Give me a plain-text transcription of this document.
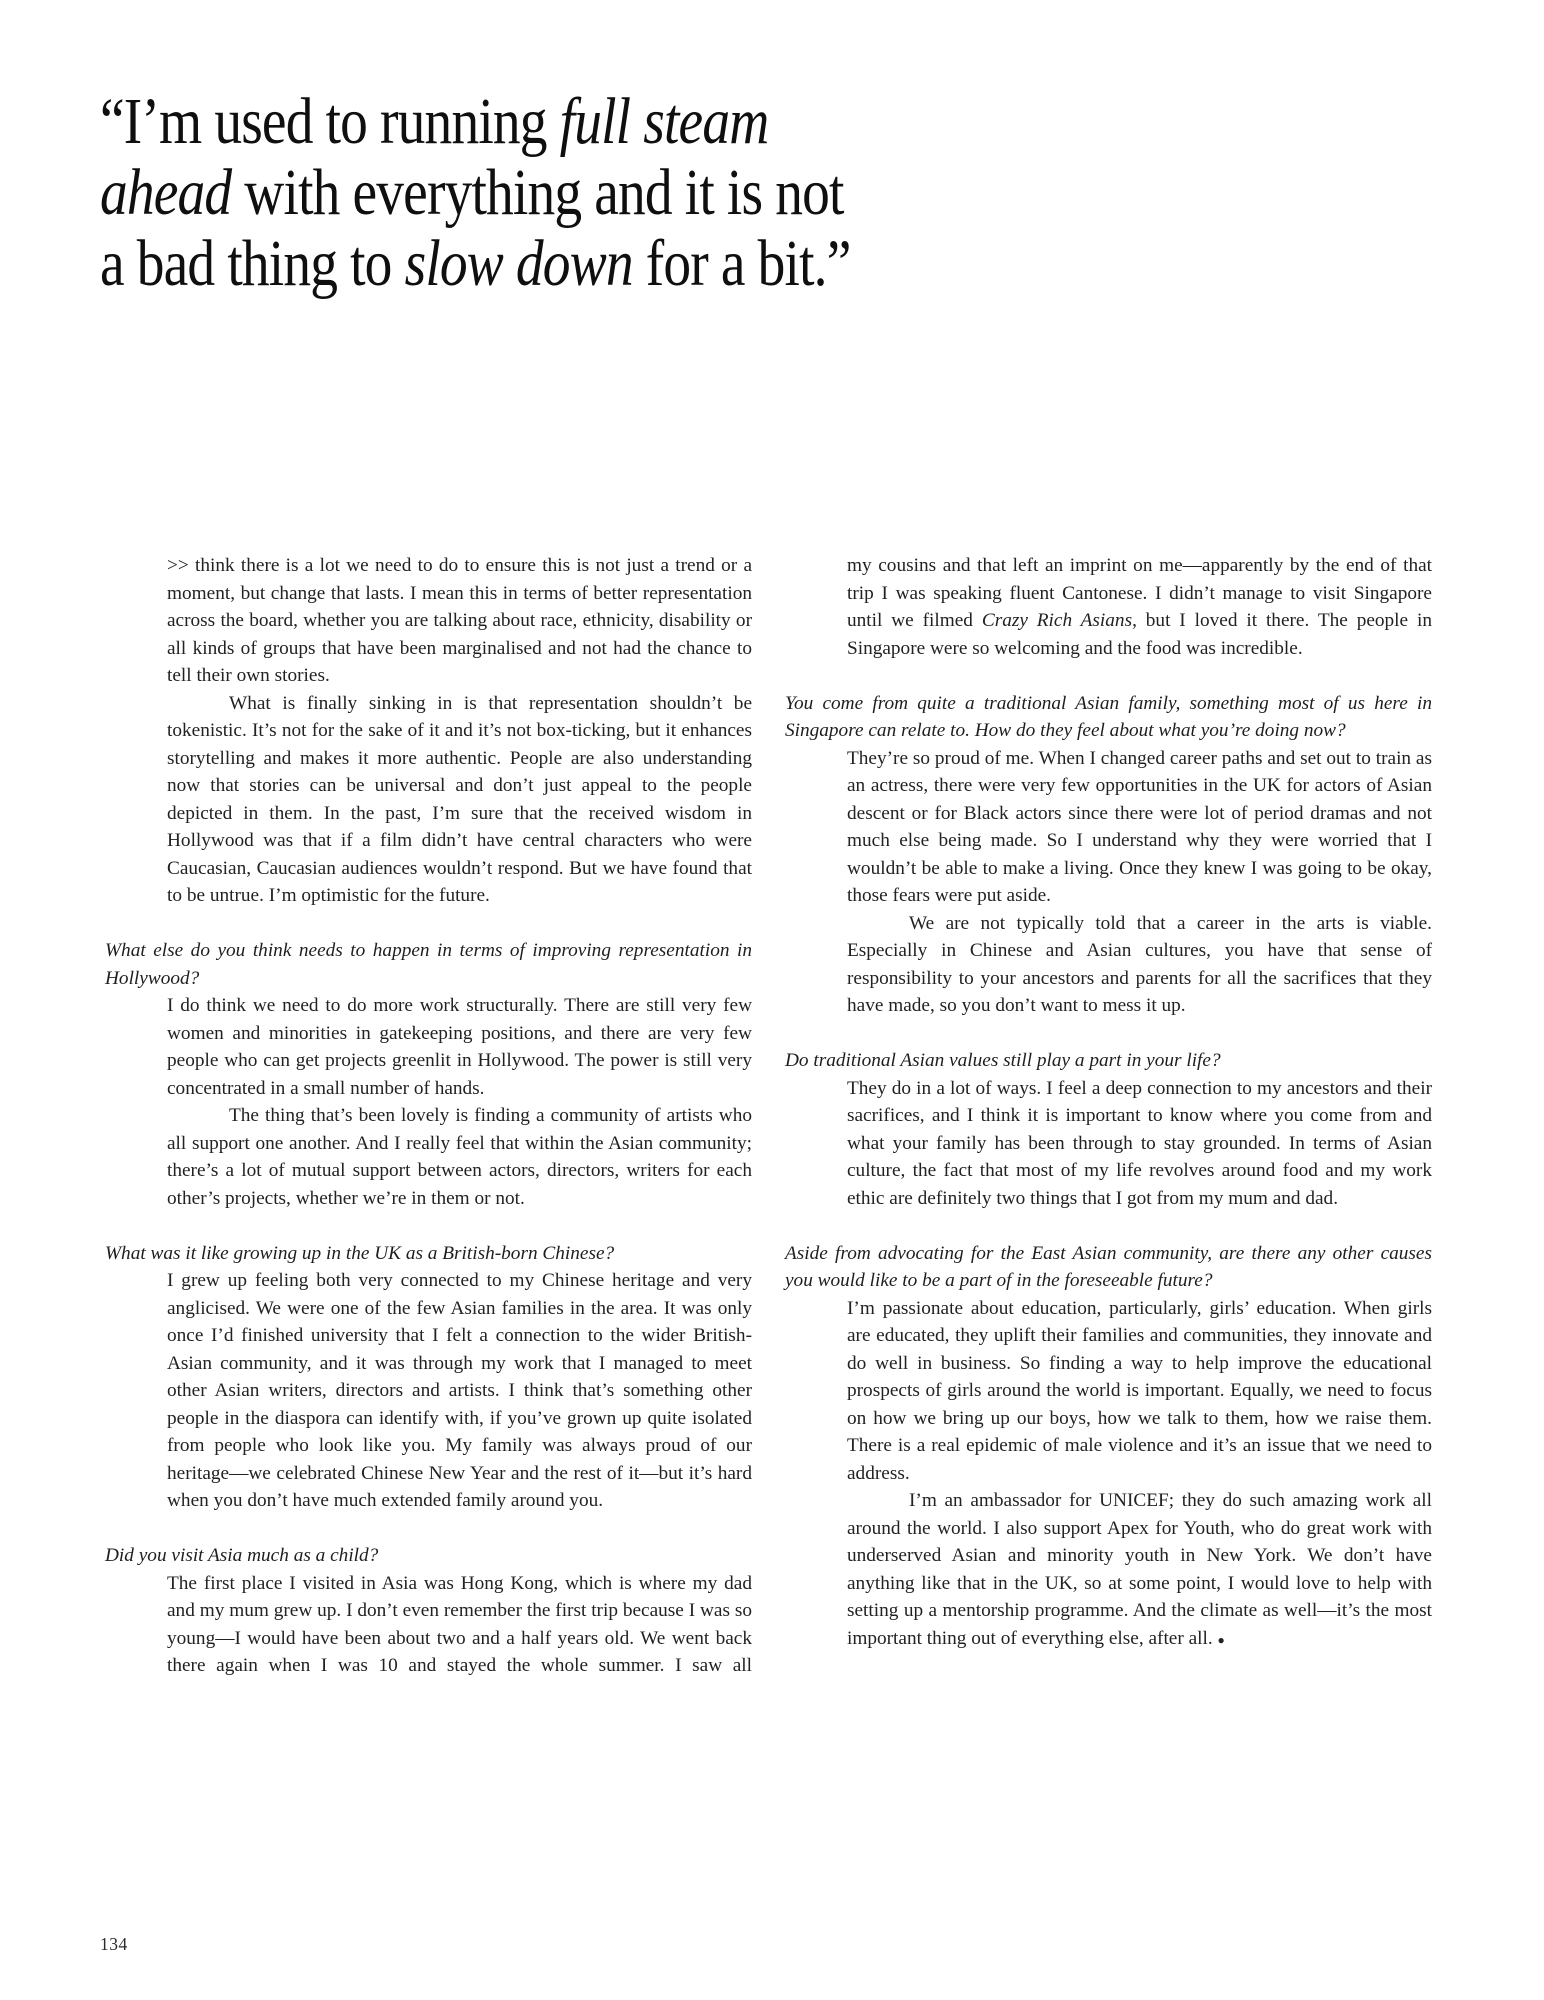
“I’m used to running full steam
ahead with everything and it is not
a bad thing to slow down for a bit.”

>> think there is a lot we need to do to ensure this is not just a trend or a moment, but change that lasts. I mean this in terms of better representation across the board, whether you are talking about race, ethnicity, disability or all kinds of groups that have been marginalised and not had the chance to tell their own stories.

What is finally sinking in is that representation shouldn’t be tokenistic. It’s not for the sake of it and it’s not box-ticking, but it enhances storytelling and makes it more authentic. People are also understanding now that stories can be universal and don’t just appeal to the people depicted in them. In the past, I’m sure that the received wisdom in Hollywood was that if a film didn’t have central characters who were Caucasian, Caucasian audiences wouldn’t respond. But we have found that to be untrue. I’m optimistic for the future.

What else do you think needs to happen in terms of improving representation in Hollywood?

I do think we need to do more work structurally. There are still very few women and minorities in gatekeeping positions, and there are very few people who can get projects greenlit in Hollywood. The power is still very concentrated in a small number of hands.

The thing that’s been lovely is finding a community of artists who all support one another. And I really feel that within the Asian community; there’s a lot of mutual support between actors, directors, writers for each other’s projects, whether we’re in them or not.

What was it like growing up in the UK as a British-born Chinese?

I grew up feeling both very connected to my Chinese heritage and very anglicised. We were one of the few Asian families in the area. It was only once I’d finished university that I felt a connection to the wider British-Asian community, and it was through my work that I managed to meet other Asian writers, directors and artists. I think that’s something other people in the diaspora can identify with, if you’ve grown up quite isolated from people who look like you. My family was always proud of our heritage—we celebrated Chinese New Year and the rest of it—but it’s hard when you don’t have much extended family around you.

Did you visit Asia much as a child?

The first place I visited in Asia was Hong Kong, which is where my dad and my mum grew up. I don’t even remember the first trip because I was so young—I would have been about two and a half years old. We went back there again when I was 10 and stayed the whole summer. I saw all

my cousins and that left an imprint on me—apparently by the end of that trip I was speaking fluent Cantonese. I didn’t manage to visit Singapore until we filmed Crazy Rich Asians, but I loved it there. The people in Singapore were so welcoming and the food was incredible.

You come from quite a traditional Asian family, something most of us here in Singapore can relate to. How do they feel about what you’re doing now?

They’re so proud of me. When I changed career paths and set out to train as an actress, there were very few opportunities in the UK for actors of Asian descent or for Black actors since there were lot of period dramas and not much else being made. So I understand why they were worried that I wouldn’t be able to make a living. Once they knew I was going to be okay, those fears were put aside.

We are not typically told that a career in the arts is viable. Especially in Chinese and Asian cultures, you have that sense of responsibility to your ancestors and parents for all the sacrifices that they have made, so you don’t want to mess it up.

Do traditional Asian values still play a part in your life?

They do in a lot of ways. I feel a deep connection to my ancestors and their sacrifices, and I think it is important to know where you come from and what your family has been through to stay grounded. In terms of Asian culture, the fact that most of my life revolves around food and my work ethic are definitely two things that I got from my mum and dad.

Aside from advocating for the East Asian community, are there any other causes you would like to be a part of in the foreseeable future?

I’m passionate about education, particularly, girls’ education. When girls are educated, they uplift their families and communities, they innovate and do well in business. So finding a way to help improve the educational prospects of girls around the world is important. Equally, we need to focus on how we bring up our boys, how we talk to them, how we raise them. There is a real epidemic of male violence and it’s an issue that we need to address.

I’m an ambassador for UNICEF; they do such amazing work all around the world. I also support Apex for Youth, who do great work with underserved Asian and minority youth in New York. We don’t have anything like that in the UK, so at some point, I would love to help with setting up a mentorship programme. And the climate as well—it’s the most important thing out of everything else, after all. ●

134
